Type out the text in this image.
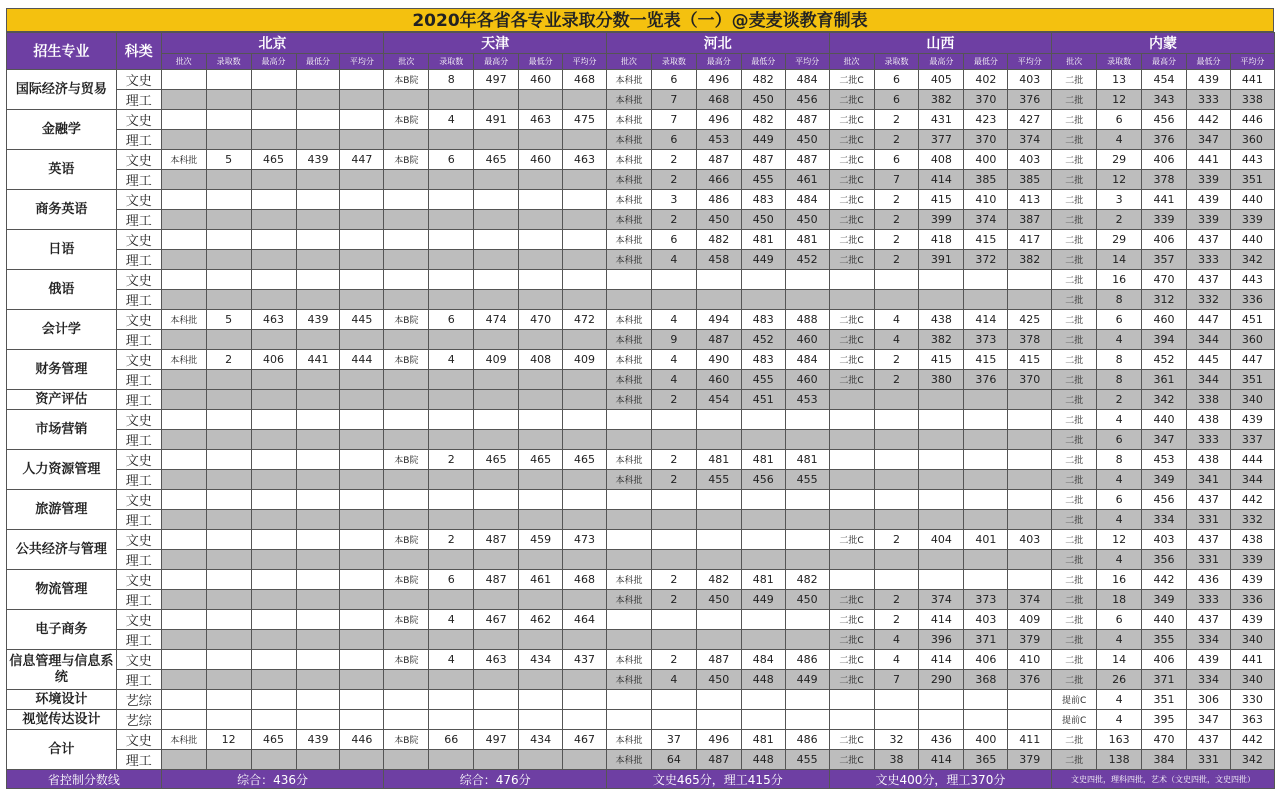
2020年各省各专业录取分数一览表（一）@麦麦谈教育制表
招生专业	科类	北京					天津					河北					山西					内蒙				
		批次	录取数	最高分	最低分	平均分	批次	录取数	最高分	最低分	平均分	批次	录取数	最高分	最低分	平均分	批次	录取数	最高分	最低分	平均分	批次	录取数	最高分	最低分	平均分
国际经济与贸易	文史						本B院	8	497	460	468	本科批	6	496	482	484	二批C	6	405	402	403	二批	13	454	439	441
	理工											本科批	7	468	450	456	二批C	6	382	370	376	二批	12	343	333	338
金融学	文史						本B院	4	491	463	475	本科批	7	496	482	487	二批C	2	431	423	427	二批	6	456	442	446
	理工											本科批	6	453	449	450	二批C	2	377	370	374	二批	4	376	347	360
英语	文史	本科批	5	465	439	447	本B院	6	465	460	463	本科批	2	487	487	487	二批C	6	408	400	403	二批	29	406	441	443
	理工											本科批	2	466	455	461	二批C	7	414	385	385	二批	12	378	339	351
商务英语	文史											本科批	3	486	483	484	二批C	2	415	410	413	二批	3	441	439	440
	理工											本科批	2	450	450	450	二批C	2	399	374	387	二批	2	339	339	339
日语	文史											本科批	6	482	481	481	二批C	2	418	415	417	二批	29	406	437	440
	理工											本科批	4	458	449	452	二批C	2	391	372	382	二批	14	357	333	342
俄语	文史																					二批	16	470	437	443
	理工																					二批	8	312	332	336
会计学	文史	本科批	5	463	439	445	本B院	6	474	470	472	本科批	4	494	483	488	二批C	4	438	414	425	二批	6	460	447	451
	理工											本科批	9	487	452	460	二批C	4	382	373	378	二批	4	394	344	360
财务管理	文史	本科批	2	406	441	444	本B院	4	409	408	409	本科批	4	490	483	484	二批C	2	415	415	415	二批	8	452	445	447
	理工											本科批	4	460	455	460	二批C	2	380	376	370	二批	8	361	344	351
资产评估	理工											本科批	2	454	451	453						二批	2	342	338	340
市场营销	文史																					二批	4	440	438	439
	理工																					二批	6	347	333	337
人力资源管理	文史						本B院	2	465	465	465	本科批	2	481	481	481						二批	8	453	438	444
	理工											本科批	2	455	456	455						二批	4	349	341	344
旅游管理	文史																					二批	6	456	437	442
	理工																					二批	4	334	331	332
公共经济与管理	文史						本B院	2	487	459	473						二批C	2	404	401	403	二批	12	403	437	438
	理工																					二批	4	356	331	339
物流管理	文史						本B院	6	487	461	468	本科批	2	482	481	482						二批	16	442	436	439
	理工											本科批	2	450	449	450	二批C	2	374	373	374	二批	18	349	333	336
电子商务	文史						本B院	4	467	462	464						二批C	2	414	403	409	二批	6	440	437	439
	理工																二批C	4	396	371	379	二批	4	355	334	340
信息管理与信息系统	文史						本B院	4	463	434	437	本科批	2	487	484	486	二批C	4	414	406	410	二批	14	406	439	441
	理工											本科批	4	450	448	449	二批C	7	290	368	376	二批	26	371	334	340
环境设计	艺综																					提前C	4	351	306	330
视觉传达设计	艺综																					提前C	4	395	347	363
合计	文史	本科批	12	465	439	446	本B院	66	497	434	467	本科批	37	496	481	486	二批C	32	436	400	411	二批	163	470	437	442
	理工											本科批	64	487	448	455	二批C	38	414	365	379	二批	138	384	331	342
省控制分数线		综合：436分					综合：476分					文史465分，理工415分					文史400分，理工370分					文史四批，理科四批，艺术（文史四批，文史四批）				
